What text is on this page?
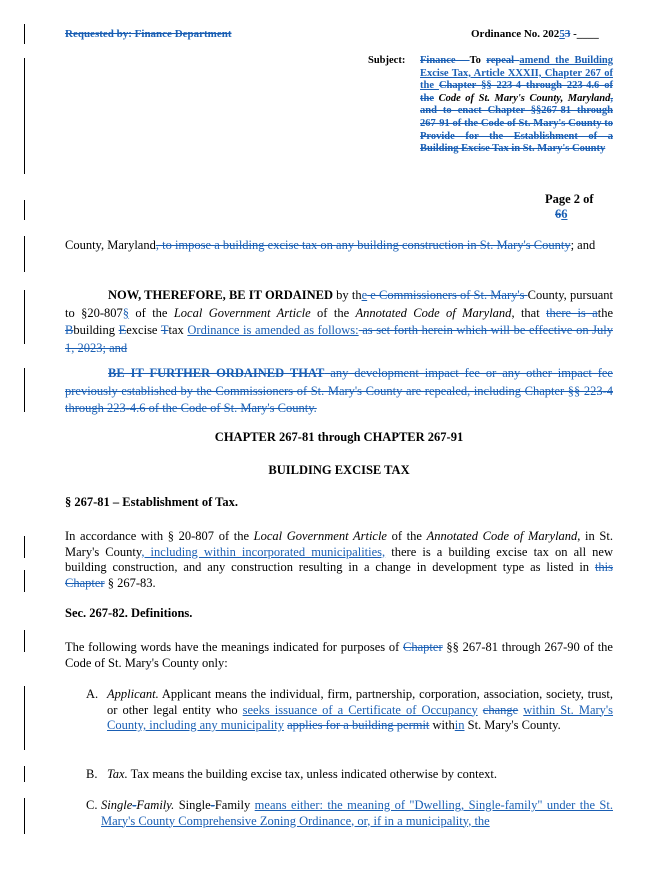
Requested by: Finance Department	Ordinance No. 20253 -____
Subject: Finance - To repeal amend the Building Excise Tax, Article XXXII, Chapter 267 of the Chapter §§ 223-4 through 223-4.6 of the Code of St. Mary's County, Maryland, and to enact Chapter §§267-81 through 267-91 of the Code of St. Mary's County to Provide for the Establishment of a Building Excise Tax in St. Mary's County
Page 2 of
66

County, Maryland, to impose a building excise tax on any building construction in St. Mary's County; and

NOW, THEREFORE, BE IT ORDAINED by the e Commissioners of St. Mary's County, pursuant to §20-807§ of the Local Government Article of the Annotated Code of Maryland, that there is athe Bbuilding Eexcise Ttax Ordinance is amended as follows: as set forth herein which will be effective on July 1, 2023; and

BE IT FURTHER ORDAINED THAT any development impact fee or any other impact fee previously established by the Commissioners of St. Mary's County are repealed, including Chapter §§ 223-4 through 223-4.6 of the Code of St. Mary's County.

CHAPTER 267-81 through CHAPTER 267-91
BUILDING EXCISE TAX
§ 267-81 – Establishment of Tax.

In accordance with § 20-807 of the Local Government Article of the Annotated Code of Maryland, in St. Mary's County, including within incorporated municipalities, there is a building excise tax on all new building construction, and any construction resulting in a change in development type as listed in this Chapter § 267-83.

Sec. 267-82. Definitions.

The following words have the meanings indicated for purposes of Chapter §§ 267-81 through 267-90 of the Code of St. Mary's County only:

A. Applicant. Applicant means the individual, firm, partnership, corporation, association, society, trust, or other legal entity who seeks issuance of a Certificate of Occupancy change within St. Mary's County, including any municipality applies for a building permit within St. Mary's County.

B. Tax. Tax means the building excise tax, unless indicated otherwise by context.

C. Single-Family. Single-Family means either: the meaning of "Dwelling, Single-family" under the St. Mary's County Comprehensive Zoning Ordinance, or, if in a municipality, the
